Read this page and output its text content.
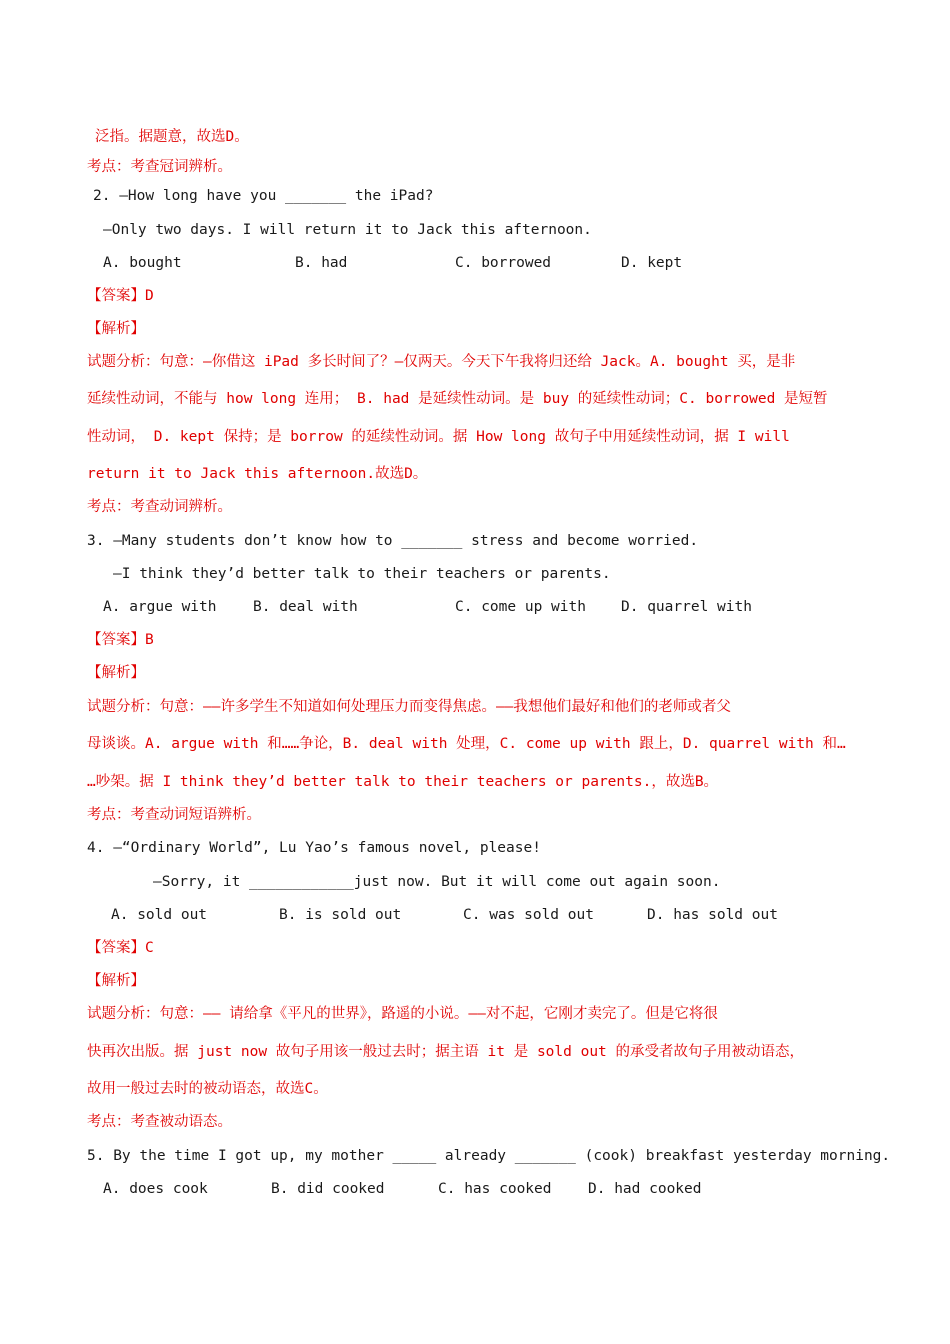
泛指。据题意，故选D。
考点：考查冠词辨析。
2. —How long have you _______ the iPad?
—Only two days. I will return it to Jack this afternoon.
A. bought	B. had	C. borrowed	D. kept
【答案】D
【解析】
试题分析：句意：—你借这 iPad 多长时间了？—仅两天。今天下午我将归还给 Jack。A. bought 买，是非
延续性动词，不能与 how long 连用； B. had 是延续性动词。是 buy 的延续性动词；C. borrowed 是短暂
性动词， D. kept 保持；是 borrow 的延续性动词。据 How long 故句子中用延续性动词，据 I will
return it to Jack this afternoon.故选D。
考点：考查动词辨析。
3. —Many students don’t know how to _______ stress and become worried.
—I think they’d better talk to their teachers or parents.
A. argue with	B. deal with	C. come up with D. quarrel with
【答案】B
【解析】
试题分析：句意：——许多学生不知道如何处理压力而变得焦虑。——我想他们最好和他们的老师或者父
母谈谈。A. argue with 和……争论，B. deal with 处理，C. come up with 跟上，D. quarrel with 和…
…吵架。据 I think they’d better talk to their teachers or parents.，故选B。
考点：考查动词短语辨析。
4. —“Ordinary World”, Lu Yao’s famous novel, please!
—Sorry, it ____________just now. But it will come out again soon.
A. sold out	B. is sold out	C. was sold out	D. has sold out
【答案】C
【解析】
试题分析：句意：—— 请给拿《平凡的世界》，路遥的小说。——对不起，它刚才卖完了。但是它将很
快再次出版。据 just now 故句子用该一般过去时；据主语 it 是 sold out 的承受者故句子用被动语态，
故用一般过去时的被动语态，故选C。
考点：考查被动语态。
5. By the time I got up, my mother _____ already _______ (cook) breakfast yesterday morning.
A. does cook	B. did cooked	C. has cooked	D. had cooked
